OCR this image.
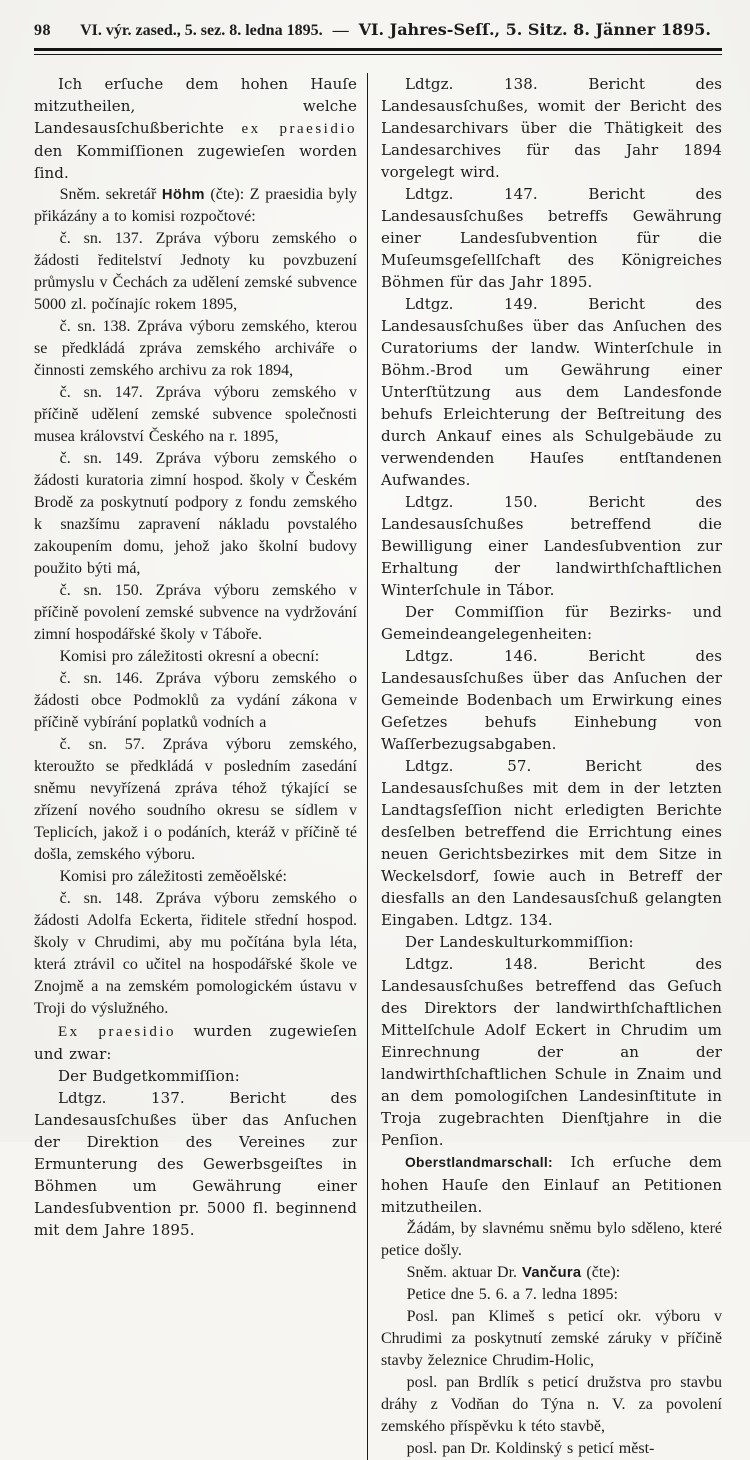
98	VI. výr. zased., 5. sez. 8. ledna 1895. — VI. Jahres-Seſſ., 5. Sitz. 8. Jänner 1895.

Ich erſuche dem hohen Hauſe mitzutheilen, welche Landesausſchußberichte ex praesidio den Kommiſſionen zugewieſen worden ſind.

Sněm. sekretář Höhm (čte): Z praesidia byly přikázány a to komisi rozpočtové:

č. sn. 137. Zpráva výboru zemského o žádosti ředitelství Jednoty ku povzbuzení průmyslu v Čechách za udělení zemské subvence 5000 zl. počínajíc rokem 1895,

č. sn. 138. Zpráva výboru zemského, kterou se předkládá zpráva zemského archiváře o činnosti zemského archivu za rok 1894,

č. sn. 147. Zpráva výboru zemského v příčině udělení zemské subvence společnosti musea království Českého na r. 1895,

č. sn. 149. Zpráva výboru zemského o žádosti kuratoria zimní hospod. školy v Českém Brodě za poskytnutí podpory z fondu zemského k snazšímu zapravení nákladu povstalého zakoupením domu, jehož jako školní budovy použito býti má,

č. sn. 150. Zpráva výboru zemského v příčině povolení zemské subvence na vydržování zimní hospodářské školy v Táboře.

Komisi pro záležitosti okresní a obecní:

č. sn. 146. Zpráva výboru zemského o žádosti obce Podmoklů za vydání zákona v příčině vybírání poplatků vodních a

č. sn. 57. Zpráva výboru zemského, kteroužto se předkládá v posledním zasedání sněmu nevyřízená zpráva téhož týkající se zřízení nového soudního okresu se sídlem v Teplicích, jakož i o podáních, kteráž v příčině té došla, zemského výboru.

Komisi pro záležitosti zeměoělské:

č. sn. 148. Zpráva výboru zemského o žádosti Adolfa Eckerta, řiditele střední hospod. školy v Chrudimi, aby mu počítána byla léta, která ztrávil co učitel na hospodářské škole ve Znojmě a na zemském pomologickém ústavu v Troji do výslužného.

Ex praesidio wurden zugewieſen und zwar:

Der Budgetkommiſſion:

Ldtgz. 137. Bericht des Landesausſchußes über das Anſuchen der Direktion des Vereines zur Ermunterung des Gewerbsgeiſtes in Böhmen um Gewährung einer Landesſubvention pr. 5000 fl. beginnend mit dem Jahre 1895.

Ldtgz. 138. Bericht des Landesausſchußes, womit der Bericht des Landesarchivars über die Thätigkeit des Landesarchives für das Jahr 1894 vorgelegt wird.

Ldtgz. 147. Bericht des Landesausſchußes betreffs Gewährung einer Landesſubvention für die Muſeumsgeſellſchaft des Königreiches Böhmen für das Jahr 1895.

Ldtgz. 149. Bericht des Landesausſchußes über das Anſuchen des Curatoriums der landw. Winterſchule in Böhm.-Brod um Gewährung einer Unterſtützung aus dem Landesfonde behufs Erleichterung der Beſtreitung des durch Ankauf eines als Schulgebäude zu verwendenden Hauſes entſtandenen Aufwandes.

Ldtgz. 150. Bericht des Landesausſchußes betreffend die Bewilligung einer Landesſubvention zur Erhaltung der landwirthſchaftlichen Winterſchule in Tábor.

Der Commiſſion für Bezirks- und Gemeindeangelegenheiten:

Ldtgz. 146. Bericht des Landesausſchußes über das Anſuchen der Gemeinde Bodenbach um Erwirkung eines Geſetzes behufs Einhebung von Waſſerbezugsabgaben.

Ldtgz. 57. Bericht des Landesausſchußes mit dem in der letzten Landtagsſeſſion nicht erledigten Berichte desſelben betreffend die Errichtung eines neuen Gerichtsbezirkes mit dem Sitze in Weckelsdorf, ſowie auch in Betreff der diesfalls an den Landesausſchuß gelangten Eingaben. Ldtgz. 134.

Der Landeskulturkommiſſion:

Ldtgz. 148. Bericht des Landesausſchußes betreffend das Geſuch des Direktors der landwirthſchaftlichen Mittelſchule Adolf Eckert in Chrudim um Einrechnung der an der landwirthſchaftlichen Schule in Znaim und an dem pomologiſchen Landesinſtitute in Troja zugebrachten Dienſtjahre in die Penſion.

Oberstlandmarschall: Ich erſuche dem hohen Hauſe den Einlauf an Petitionen mitzutheilen.

Žádám, by slavnému sněmu bylo sděleno, které petice došly.

Sněm. aktuar Dr. Vančura (čte):

Petice dne 5. 6. a 7. ledna 1895:

Posl. pan Klimeš s peticí okr. výboru v Chrudimi za poskytnutí zemské záruky v příčině stavby železnice Chrudim-Holic,

posl. pan Brdlík s peticí družstva pro stavbu dráhy z Vodňan do Týna n. V. za povolení zemského příspěvku k této stavbě,

posl. pan Dr. Koldinský s peticí měst-
